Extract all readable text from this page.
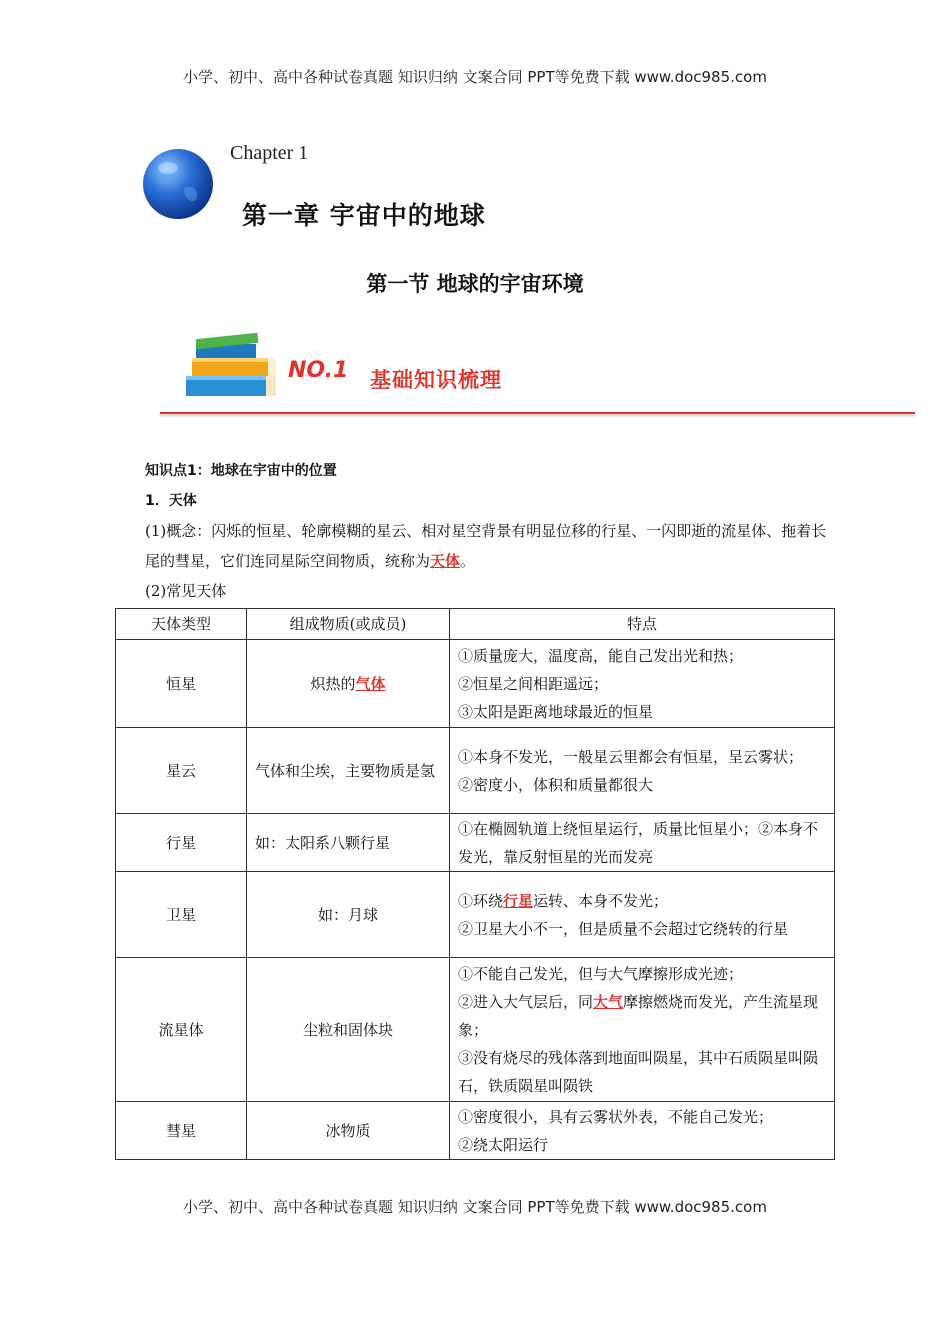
小学、初中、高中各种试卷真题 知识归纳 文案合同 PPT等免费下载 www.doc985.com
Chapter 1
第一章 宇宙中的地球
第一节 地球的宇宙环境
NO.1 基础知识梳理
知识点1：地球在宇宙中的位置
1．天体
(1)概念：闪烁的恒星、轮廓模糊的星云、相对星空背景有明显位移的行星、一闪即逝的流星体、拖着长尾的彗星，它们连同星际空间物质，统称为天体。
(2)常见天体
天体类型	组成物质(或成员)	特点
恒星	炽热的气体	①质量庞大，温度高，能自己发出光和热；
②恒星之间相距遥远；
③太阳是距离地球最近的恒星

星云	气体和尘埃，主要物质是氢	①本身不发光，一般星云里都会有恒星，呈云雾状；
②密度小，体积和质量都很大

行星	如：太阳系八颗行星	①在椭圆轨道上绕恒星运行，质量比恒星小；②本身不发光，靠反射恒星的光而发亮

卫星	如：月球	①环绕行星运转、本身不发光；
②卫星大小不一，但是质量不会超过它绕转的行星

流星体	尘粒和固体块	①不能自己发光，但与大气摩擦形成光迹；
②进入大气层后，同大气摩擦燃烧而发光，产生流星现象；
③没有烧尽的残体落到地面叫陨星，其中石质陨星叫陨石，铁质陨星叫陨铁

彗星	冰物质	①密度很小，具有云雾状外表，不能自己发光；
②绕太阳运行
小学、初中、高中各种试卷真题 知识归纳 文案合同 PPT等免费下载 www.doc985.com
